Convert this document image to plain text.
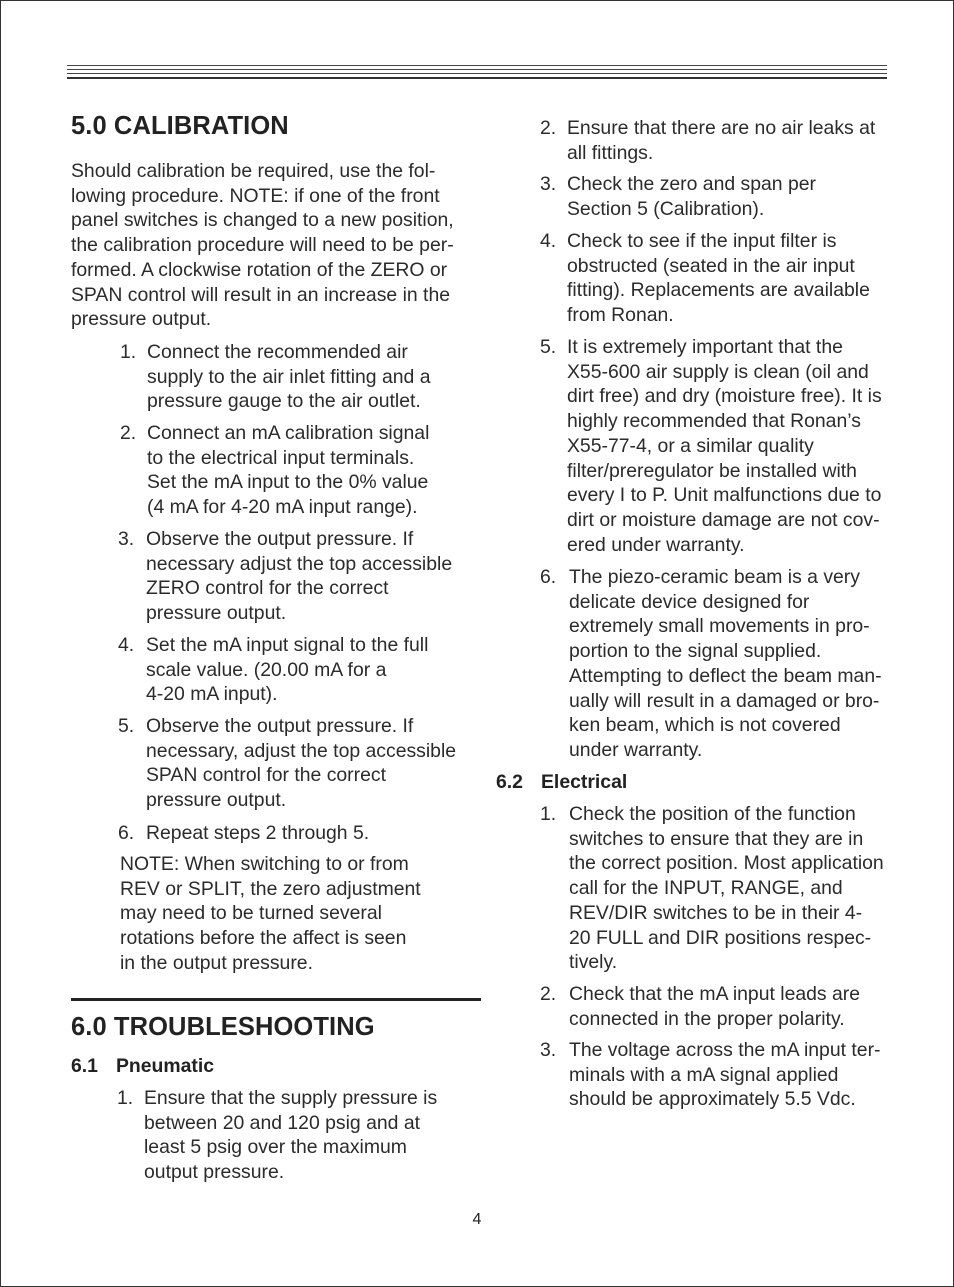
5.0 CALIBRATION
Should calibration be required, use the fol-
lowing procedure. NOTE: if one of the front
panel switches is changed to a new position,
the calibration procedure will need to be per-
formed. A clockwise rotation of the ZERO or
SPAN control will result in an increase in the
pressure output.
1. Connect the recommended air
supply to the air inlet fitting and a
pressure gauge to the air outlet.
2. Connect an mA calibration signal
to the electrical input terminals.
Set the mA input to the 0% value
(4 mA for 4-20 mA input range).
3. Observe the output pressure. If
necessary adjust the top accessible
ZERO control for the correct
pressure output.
4. Set the mA input signal to the full
scale value. (20.00 mA for a
4-20 mA input).
5. Observe the output pressure. If
necessary, adjust the top accessible
SPAN control for the correct
pressure output.
6. Repeat steps 2 through 5.
NOTE: When switching to or from
REV or SPLIT, the zero adjustment
may need to be turned several
rotations before the affect is seen
in the output pressure.
6.0 TROUBLESHOOTING
6.1 Pneumatic
1. Ensure that the supply pressure is
between 20 and 120 psig and at
least 5 psig over the maximum
output pressure.
2. Ensure that there are no air leaks at
all fittings.
3. Check the zero and span per
Section 5 (Calibration).
4. Check to see if the input filter is
obstructed (seated in the air input
fitting). Replacements are available
from Ronan.
5. It is extremely important that the
X55-600 air supply is clean (oil and
dirt free) and dry (moisture free). It is
highly recommended that Ronan’s
X55-77-4, or a similar quality
filter/preregulator be installed with
every I to P. Unit malfunctions due to
dirt or moisture damage are not cov-
ered under warranty.
6. The piezo-ceramic beam is a very
delicate device designed for
extremely small movements in pro-
portion to the signal supplied.
Attempting to deflect the beam man-
ually will result in a damaged or bro-
ken beam, which is not covered
under warranty.
6.2 Electrical
1. Check the position of the function
switches to ensure that they are in
the correct position. Most application
call for the INPUT, RANGE, and
REV/DIR switches to be in their 4-
20 FULL and DIR positions respec-
tively.
2. Check that the mA input leads are
connected in the proper polarity.
3. The voltage across the mA input ter-
minals with a mA signal applied
should be approximately 5.5 Vdc.
4
